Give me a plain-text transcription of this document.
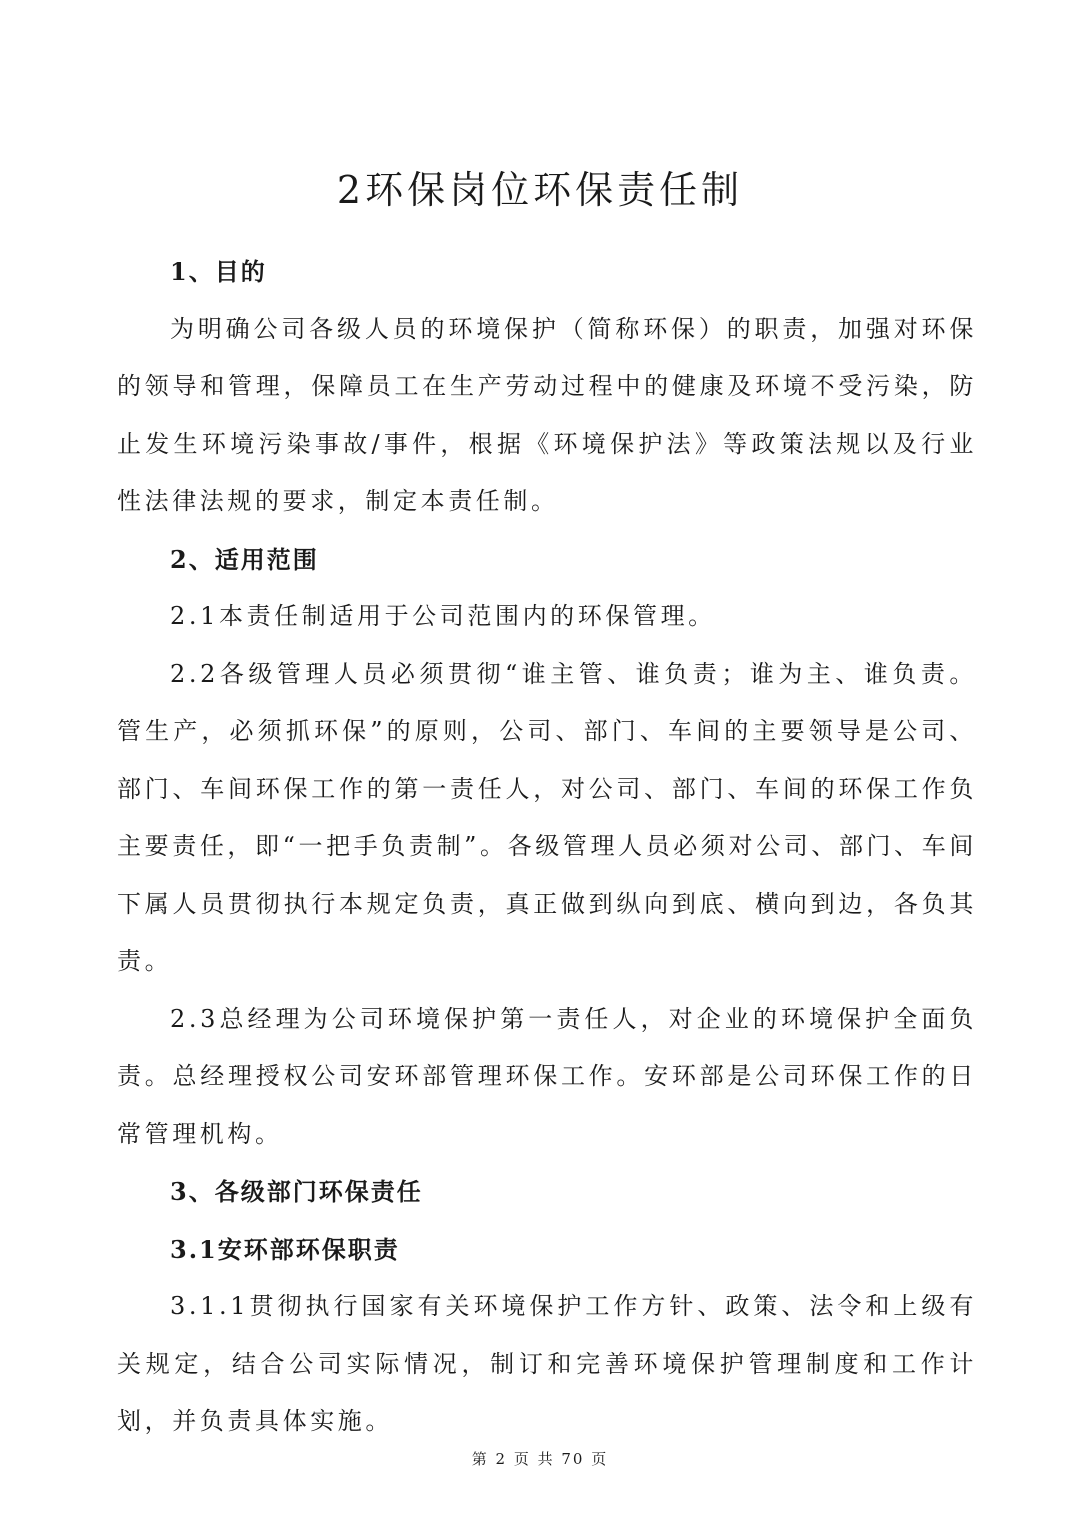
2环保岗位环保责任制

1、目的

为明确公司各级人员的环境保护（简称环保）的职责，加强对环保的领导和管理，保障员工在生产劳动过程中的健康及环境不受污染，防止发生环境污染事故/事件，根据《环境保护法》等政策法规以及行业性法律法规的要求，制定本责任制。

2、适用范围

2.1本责任制适用于公司范围内的环保管理。

2.2各级管理人员必须贯彻“谁主管、谁负责；谁为主、谁负责。管生产，必须抓环保”的原则，公司、部门、车间的主要领导是公司、部门、车间环保工作的第一责任人，对公司、部门、车间的环保工作负主要责任，即“一把手负责制”。各级管理人员必须对公司、部门、车间下属人员贯彻执行本规定负责，真正做到纵向到底、横向到边，各负其责。

2.3总经理为公司环境保护第一责任人，对企业的环境保护全面负责。总经理授权公司安环部管理环保工作。安环部是公司环保工作的日常管理机构。

3、各级部门环保责任

3.1安环部环保职责

3.1.1贯彻执行国家有关环境保护工作方针、政策、法令和上级有关规定，结合公司实际情况，制订和完善环境保护管理制度和工作计划，并负责具体实施。

第 2 页 共 70 页
